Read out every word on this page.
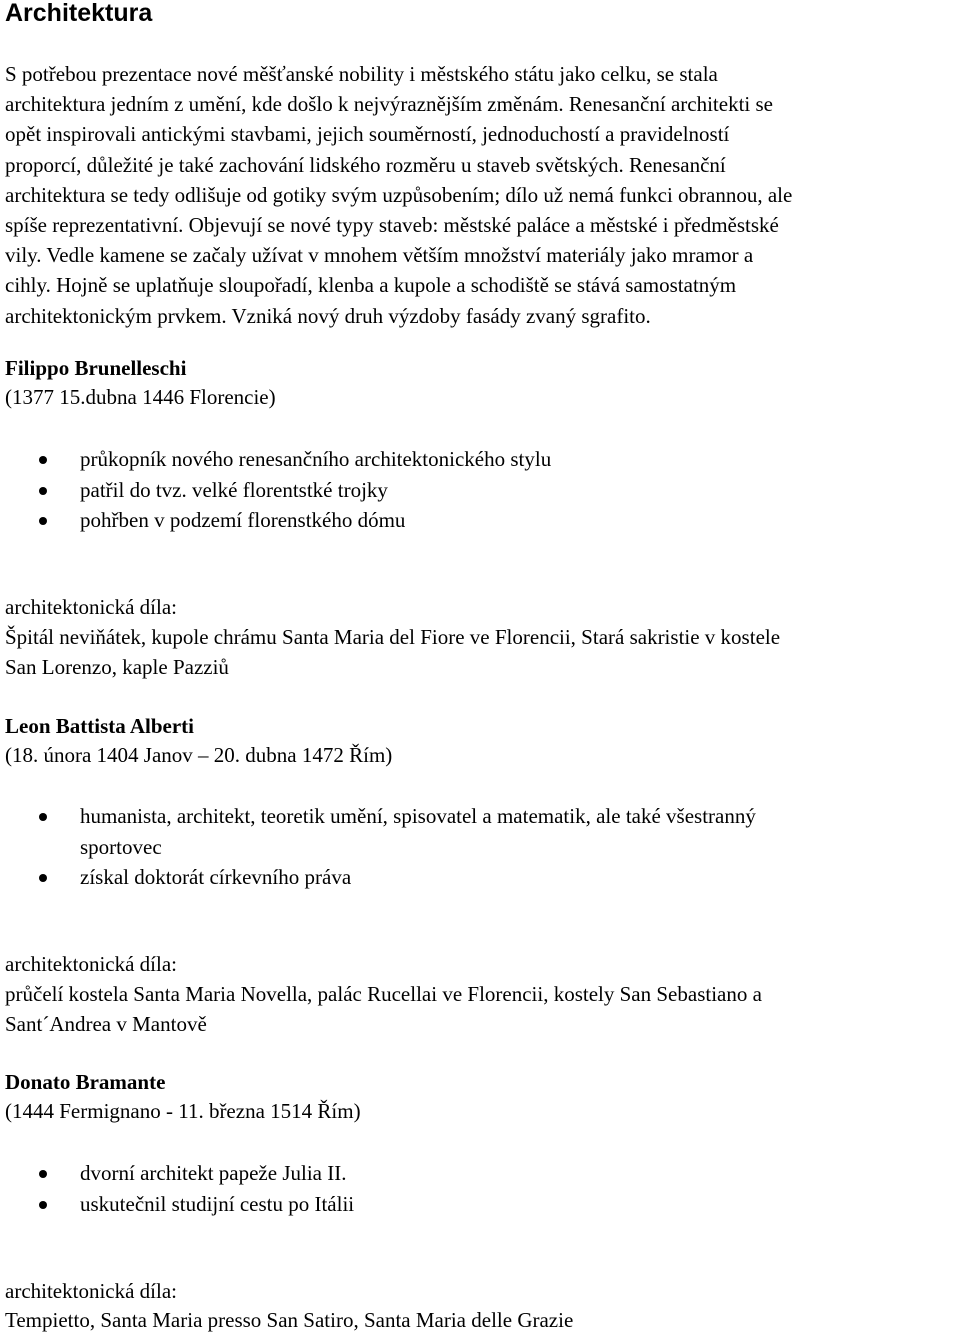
Architektura
S potřebou prezentace nové měšťanské nobility i městského státu jako celku, se stala
architektura jedním z umění, kde došlo k nejvýraznějším změnám. Renesanční architekti se
opět inspirovali antickými stavbami, jejich souměrností, jednoduchostí a pravidelností
proporcí, důležité je také zachování lidského rozměru u staveb světských. Renesanční
architektura se tedy odlišuje od gotiky svým uzpůsobením; dílo už nemá funkci obrannou, ale
spíše reprezentativní. Objevují se nové typy staveb: městské paláce a městské i předměstské
vily. Vedle kamene se začaly užívat v mnohem větším množství materiály jako mramor a
cihly. Hojně se uplatňuje sloupořadí, klenba a kupole a schodiště se stává samostatným
architektonickým prvkem. Vzniká nový druh výzdoby fasády zvaný sgrafito.

Filippo Brunelleschi

(1377 15.dubna 1446 Florencie)

průkopník nového renesančního architektonického stylu
patřil do tvz. velké florentstké trojky
pohřben v podzemí florenstkého dómu

architektonická díla:

Špitál neviňátek, kupole chrámu Santa Maria del Fiore ve Florencii, Stará sakristie v kostele
San Lorenzo, kaple Pazziů

Leon Battista Alberti

(18. února 1404 Janov – 20. dubna 1472 Řím)

humanista, architekt, teoretik umění, spisovatel a matematik, ale také všestranný
sportovec
získal doktorát církevního práva

architektonická díla:

průčelí kostela Santa Maria Novella, palác Rucellai ve Florencii, kostely San Sebastiano a
Sant´Andrea v Mantově

Donato Bramante

(1444 Fermignano - 11. března 1514 Řím)

dvorní architekt papeže Julia II.
uskutečnil studijní cestu po Itálii

architektonická díla:

Tempietto, Santa Maria presso San Satiro, Santa Maria delle Grazie
